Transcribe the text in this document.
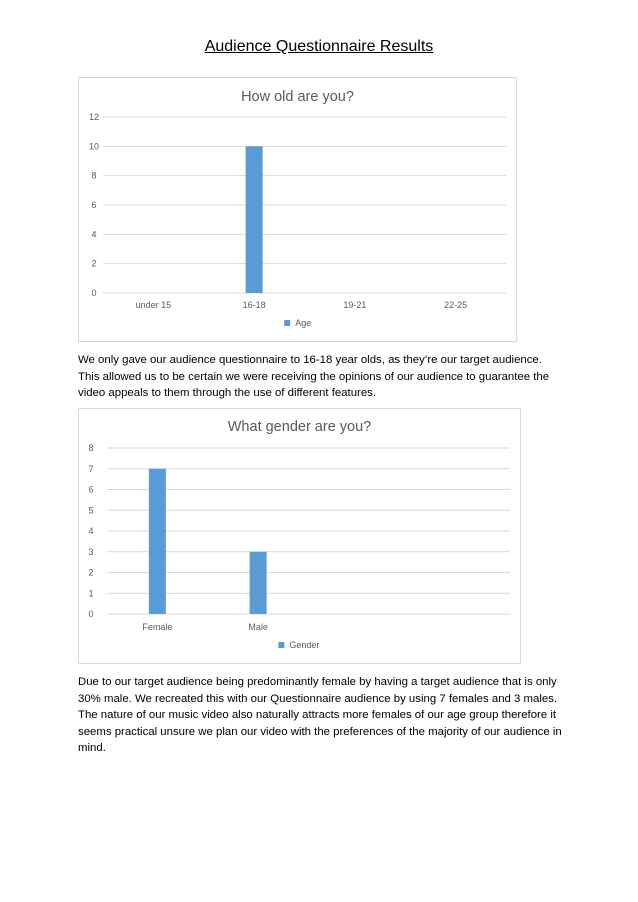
Audience Questionnaire Results
How old are you?
0
2
4
6
8
10
12
under 15	16-18	19-21	22-25
Age
We only gave our audience questionnaire to 16-18 year olds, as they’re our target audience. This allowed us to be certain we were receiving the opinions of our audience to guarantee the video appeals to them through the use of different features.
What gender are you?
0
1
2
3
4
5
6
7
8
Female	Male
Gender
Due to our target audience being predominantly female by having a target audience that is only 30% male. We recreated this with our Questionnaire audience by using 7 females and 3 males. The nature of our music video also naturally attracts more females of our age group therefore it seems practical unsure we plan our video with the preferences of the majority of our audience in mind.
